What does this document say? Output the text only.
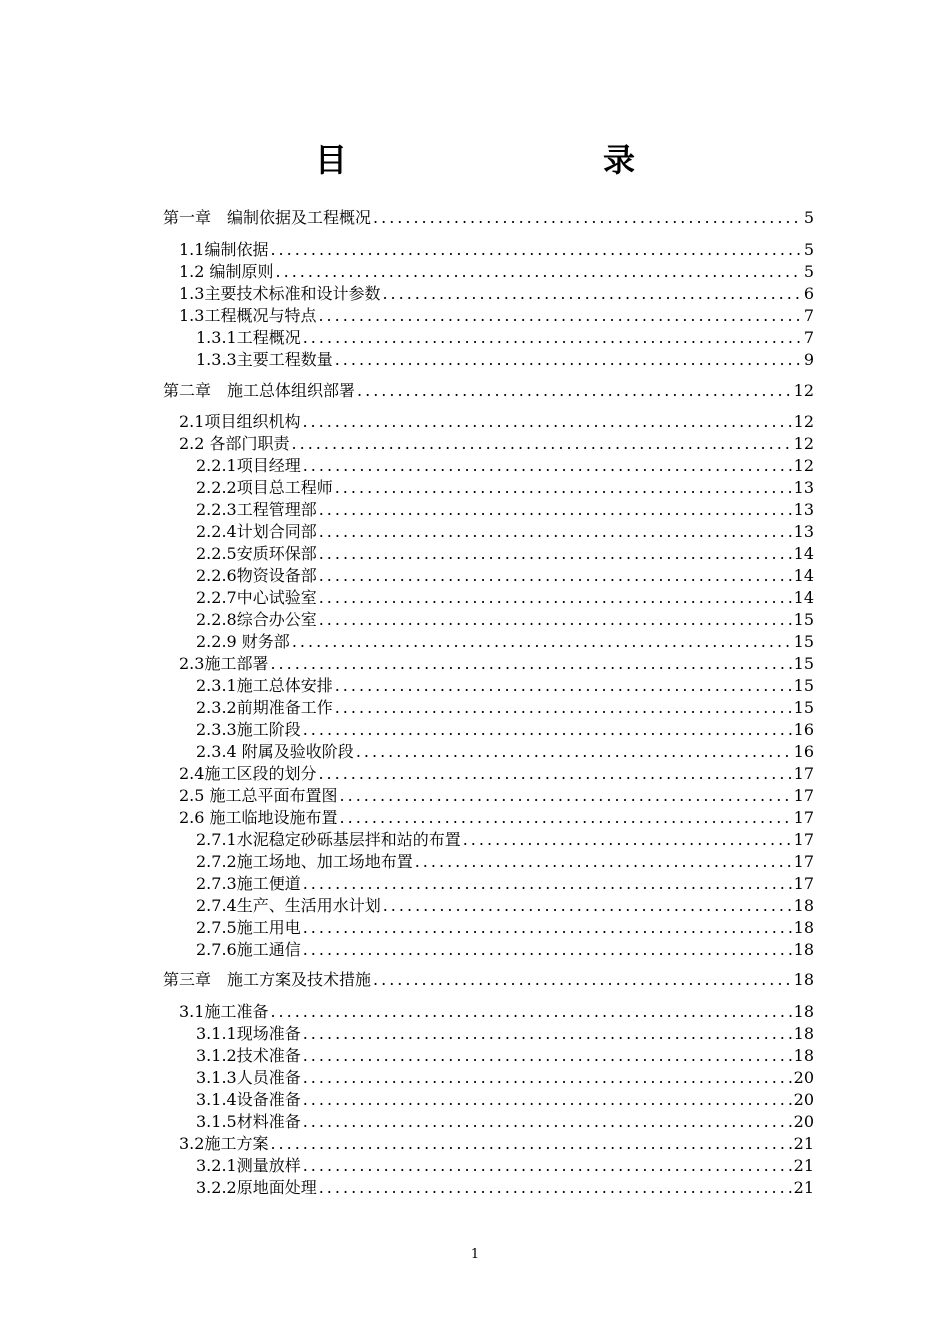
目　　录
第一章　编制依据及工程概况 .....	5
1.1编制依据 .....	5
1.2 编制原则 .....	5
1.3主要技术标准和设计参数 .....	6
1.3工程概况与特点 .....	7
1.3.1工程概况 .....	7
1.3.3主要工程数量 .....	9
第二章　施工总体组织部署 .....	12
2.1项目组织机构 .....	12
2.2 各部门职责 .....	12
2.2.1项目经理 .....	12
2.2.2项目总工程师 .....	13
2.2.3工程管理部 .....	13
2.2.4计划合同部 .....	13
2.2.5安质环保部 .....	14
2.2.6物资设备部 .....	14
2.2.7中心试验室 .....	14
2.2.8综合办公室 .....	15
2.2.9 财务部 .....	15
2.3施工部署 .....	15
2.3.1施工总体安排 .....	15
2.3.2前期准备工作 .....	15
2.3.3施工阶段 .....	16
2.3.4 附属及验收阶段 .....	16
2.4施工区段的划分 .....	17
2.5 施工总平面布置图 .....	17
2.6 施工临地设施布置 .....	17
2.7.1水泥稳定砂砾基层拌和站的布置 .....	17
2.7.2施工场地、加工场地布置 .....	17
2.7.3施工便道 .....	17
2.7.4生产、生活用水计划 .....	18
2.7.5施工用电 .....	18
2.7.6施工通信 .....	18
第三章　施工方案及技术措施 .....	18
3.1施工准备 .....	18
3.1.1现场准备 .....	18
3.1.2技术准备 .....	18
3.1.3人员准备 .....	20
3.1.4设备准备 .....	20
3.1.5材料准备 .....	20
3.2施工方案 .....	21
3.2.1测量放样 .....	21
3.2.2原地面处理 .....	21
1
